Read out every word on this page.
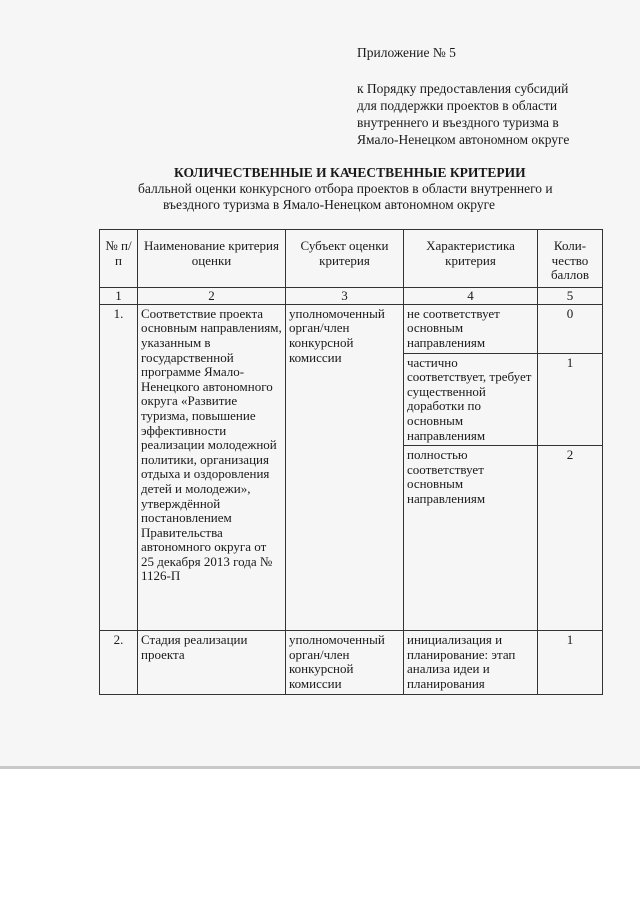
Приложение № 5
к Порядку предоставления субсидий
для поддержки проектов в области
внутреннего и въездного туризма в
Ямало-Ненецком автономном округе
КОЛИЧЕСТВЕННЫЕ И КАЧЕСТВЕННЫЕ КРИТЕРИИ
балльной оценки конкурсного отбора проектов в области внутреннего и
въездного туризма в Ямало-Ненецком автономном округе
№ п/п	Наименование критерия оценки	Субъект оценки критерия	Характеристика критерия	Коли-чество баллов
1	2	3	4	5
1.	Соответствие проекта основным направлениям, указанным в государственной программе Ямало-Ненецкого автономного округа «Развитие туризма, повышение эффективности реализации молодежной политики, организация отдыха и оздоровления детей и молодежи», утверждённой постановлением Правительства автономного округа от 25 декабря 2013 года № 1126-П	уполномоченный орган/член конкурсной комиссии	не соответствует основным направлениям	0
			частично соответствует, требует существенной доработки по основным направлениям	1
			полностью соответствует основным направлениям	2
2.	Стадия реализации проекта	уполномоченный орган/член конкурсной комиссии	инициализация и планирование: этап анализа идеи и планирования	1
